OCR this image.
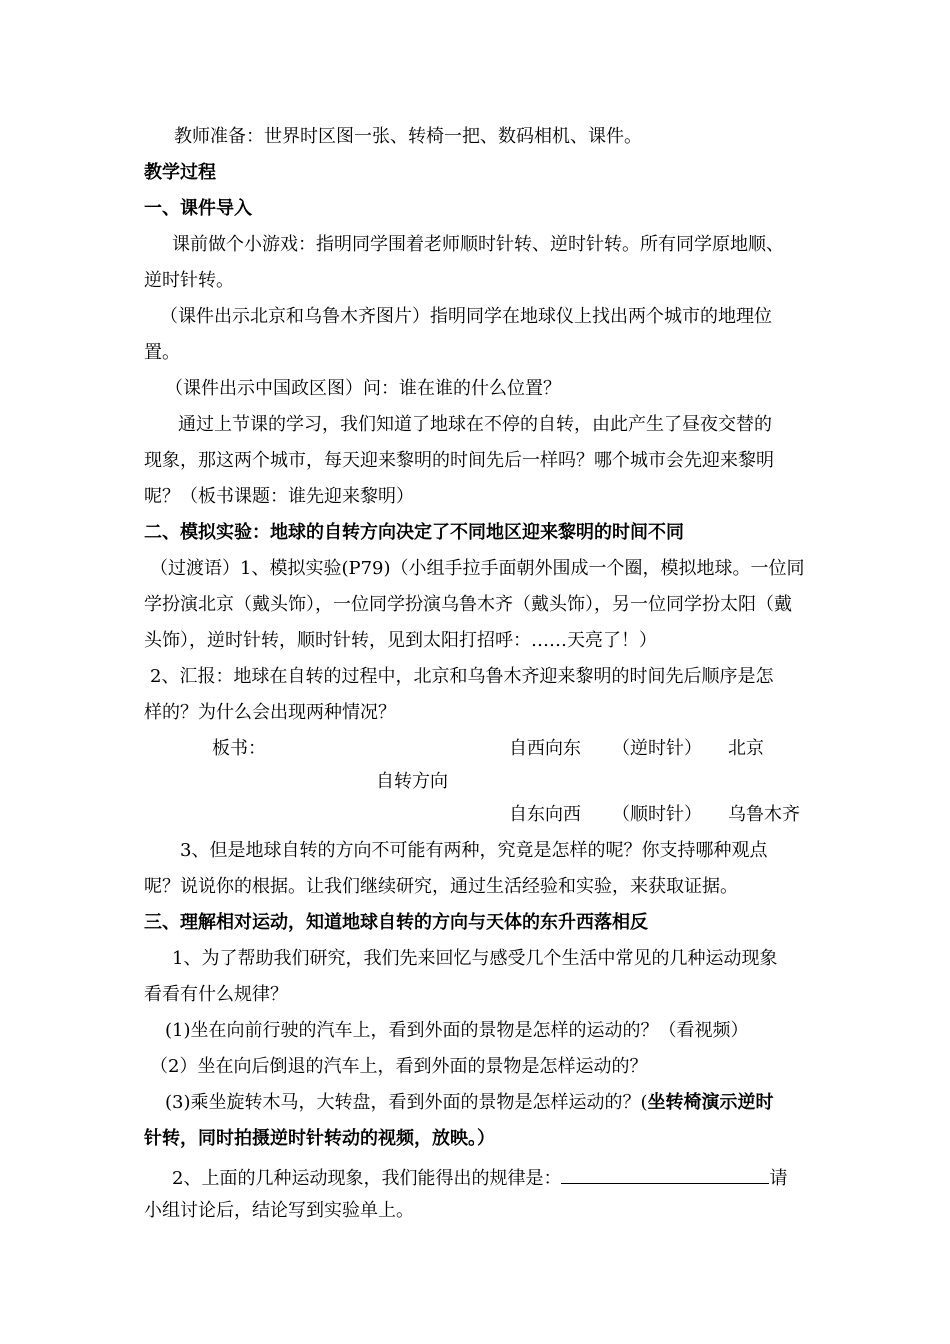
教师准备：世界时区图一张、转椅一把、数码相机、课件。
教学过程
一、课件导入
课前做个小游戏：指明同学围着老师顺时针转、逆时针转。所有同学原地顺、
逆时针转。
（课件出示北京和乌鲁木齐图片）指明同学在地球仪上找出两个城市的地理位
置。
（课件出示中国政区图）问：谁在谁的什么位置？
通过上节课的学习，我们知道了地球在不停的自转，由此产生了昼夜交替的
现象，那这两个城市，每天迎来黎明的时间先后一样吗？哪个城市会先迎来黎明
呢？（板书课题：谁先迎来黎明）
二、模拟实验：地球的自转方向决定了不同地区迎来黎明的时间不同
（过渡语）1、模拟实验(P79)（小组手拉手面朝外围成一个圈，模拟地球。一位同
学扮演北京（戴头饰），一位同学扮演乌鲁木齐（戴头饰），另一位同学扮太阳（戴
头饰），逆时针转，顺时针转，见到太阳打招呼：……天亮了！）
2、汇报：地球在自转的过程中，北京和乌鲁木齐迎来黎明的时间先后顺序是怎
样的？为什么会出现两种情况？
板书：	自西向东 （逆时针） 北京
自转方向
自东向西 （顺时针） 乌鲁木齐
3、但是地球自转的方向不可能有两种，究竟是怎样的呢？你支持哪种观点
呢？说说你的根据。让我们继续研究，通过生活经验和实验，来获取证据。
三、理解相对运动，知道地球自转的方向与天体的东升西落相反
1、为了帮助我们研究，我们先来回忆与感受几个生活中常见的几种运动现象
看看有什么规律？
(1)坐在向前行驶的汽车上，看到外面的景物是怎样的运动的？（看视频）
（2）坐在向后倒退的汽车上，看到外面的景物是怎样运动的？
(3)乘坐旋转木马，大转盘，看到外面的景物是怎样运动的？(坐转椅演示逆时
针转，同时拍摄逆时针转动的视频，放映。）
2、上面的几种运动现象，我们能得出的规律是：	请
小组讨论后，结论写到实验单上。
